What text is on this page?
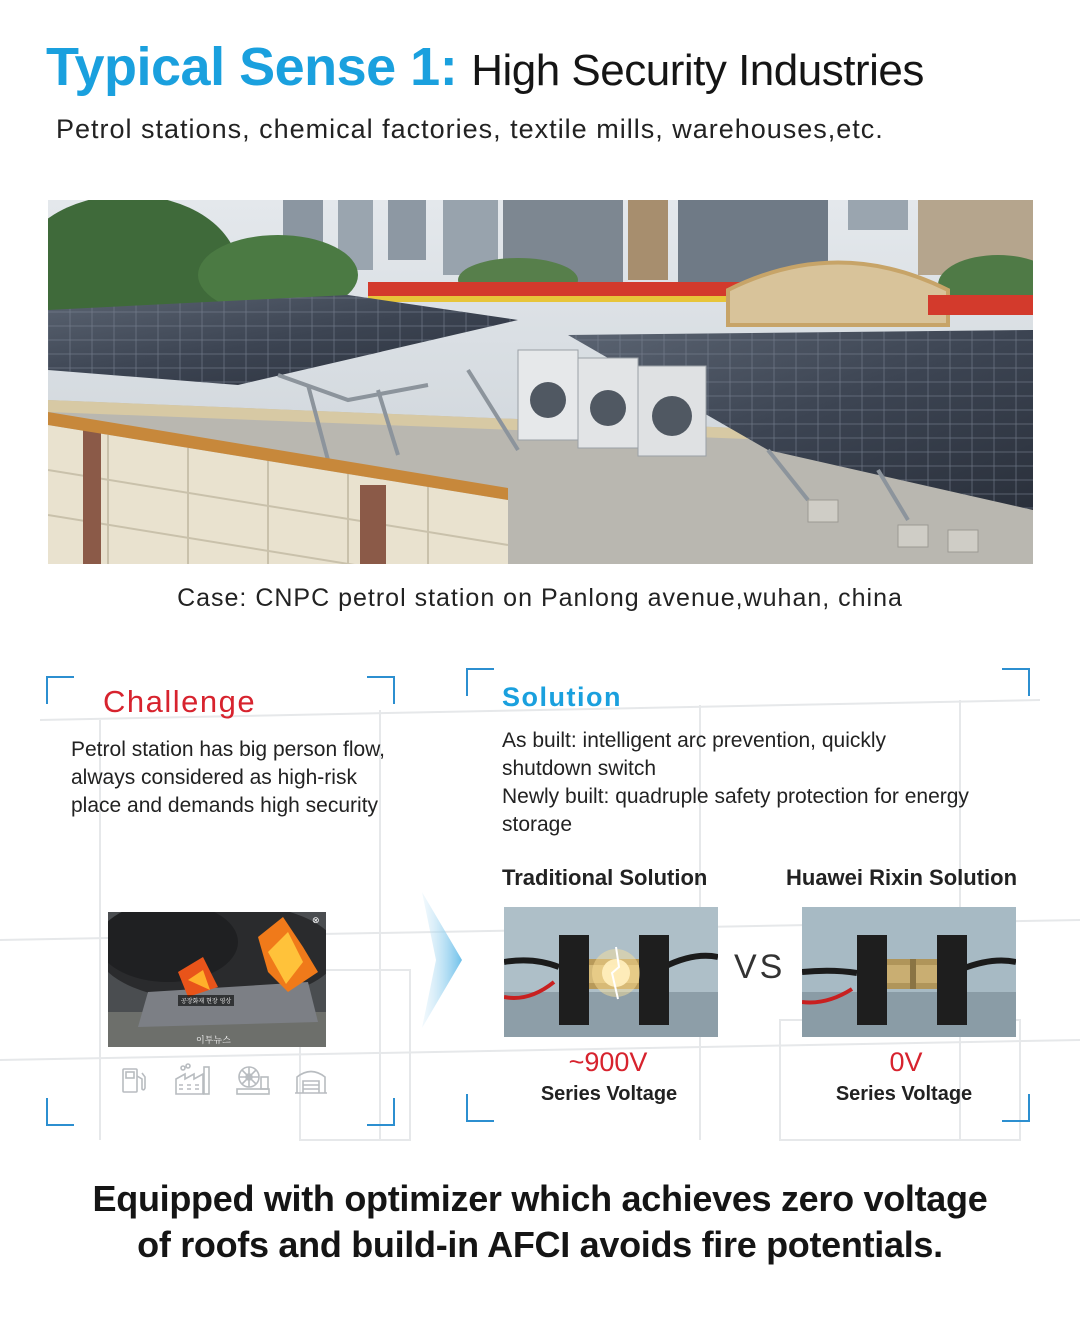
Typical Sense 1: High Security Industries
Petrol stations, chemical factories, textile mills, warehouses,etc.
Case: CNPC petrol station on Panlong avenue,wuhan, china
Challenge
Petrol station has big person flow, always considered as high-risk place and demands high security
공장화재 현장 영상
이투뉴스
⊗
Solution
As built: intelligent arc prevention, quickly shutdown switch
Newly built: quadruple safety protection for energy storage
Traditional Solution	Huawei Rixin Solution
VS
~900V	0V
Series Voltage	Series Voltage
Equipped with optimizer which achieves zero voltage
of roofs and build-in AFCI avoids fire potentials.
